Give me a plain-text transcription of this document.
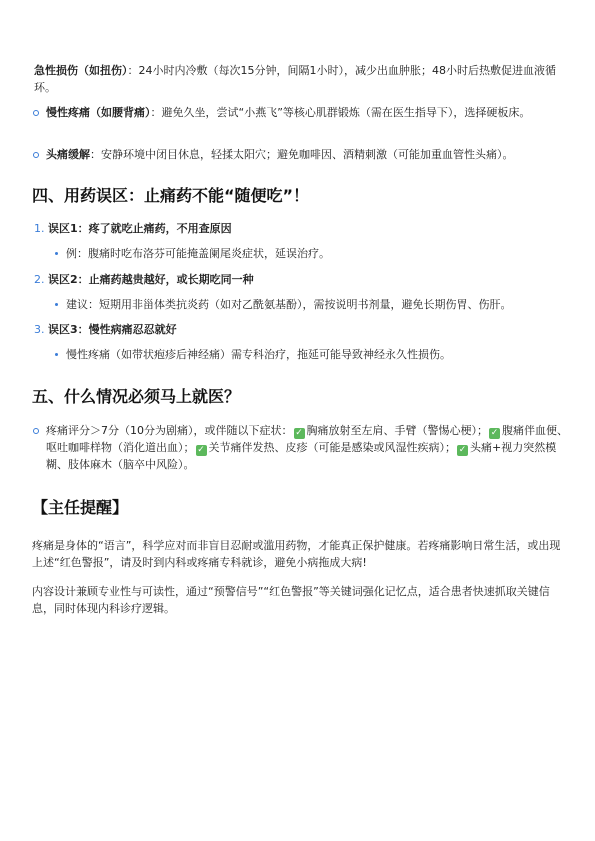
急性损伤（如扭伤）：24小时内冷敷（每次15分钟，间隔1小时），减少出血肿胀；48小时后热敷促进血液循环。
慢性疼痛（如腰背痛）：避免久坐，尝试“小燕飞”等核心肌群锻炼（需在医生指导下），选择硬板床。
头痛缓解：安静环境中闭目休息，轻揉太阳穴；避免咖啡因、酒精刺激（可能加重血管性头痛）。
四、用药误区：止痛药不能“随便吃”！
1. 误区1：疼了就吃止痛药，不用查原因
例：腹痛时吃布洛芬可能掩盖阑尾炎症状，延误治疗。
2. 误区2：止痛药越贵越好，或长期吃同一种
建议：短期用非甾体类抗炎药（如对乙酰氨基酚），需按说明书剂量，避免长期伤胃、伤肝。
3. 误区3：慢性病痛忍忍就好
慢性疼痛（如带状疱疹后神经痛）需专科治疗，拖延可能导致神经永久性损伤。
五、什么情况必须马上就医？
疼痛评分＞7分（10分为剧痛），或伴随以下症状： ✓ 胸痛放射至左肩、手臂（警惕心梗）； ✓ 腹痛伴血便、呕吐咖啡样物（消化道出血）； ✓ 关节痛伴发热、皮疹（可能是感染或风湿性疾病）； ✓ 头痛+视力突然模糊、肢体麻木（脑卒中风险）。
【主任提醒】
疼痛是身体的“语言”，科学应对而非盲目忍耐或滥用药物，才能真正保护健康。若疼痛影响日常生活，或出现上述“红色警报”，请及时到内科或疼痛专科就诊，避免小病拖成大病!
内容设计兼顾专业性与可读性，通过“预警信号”“红色警报”等关键词强化记忆点，适合患者快速抓取关键信息，同时体现内科诊疗逻辑。
